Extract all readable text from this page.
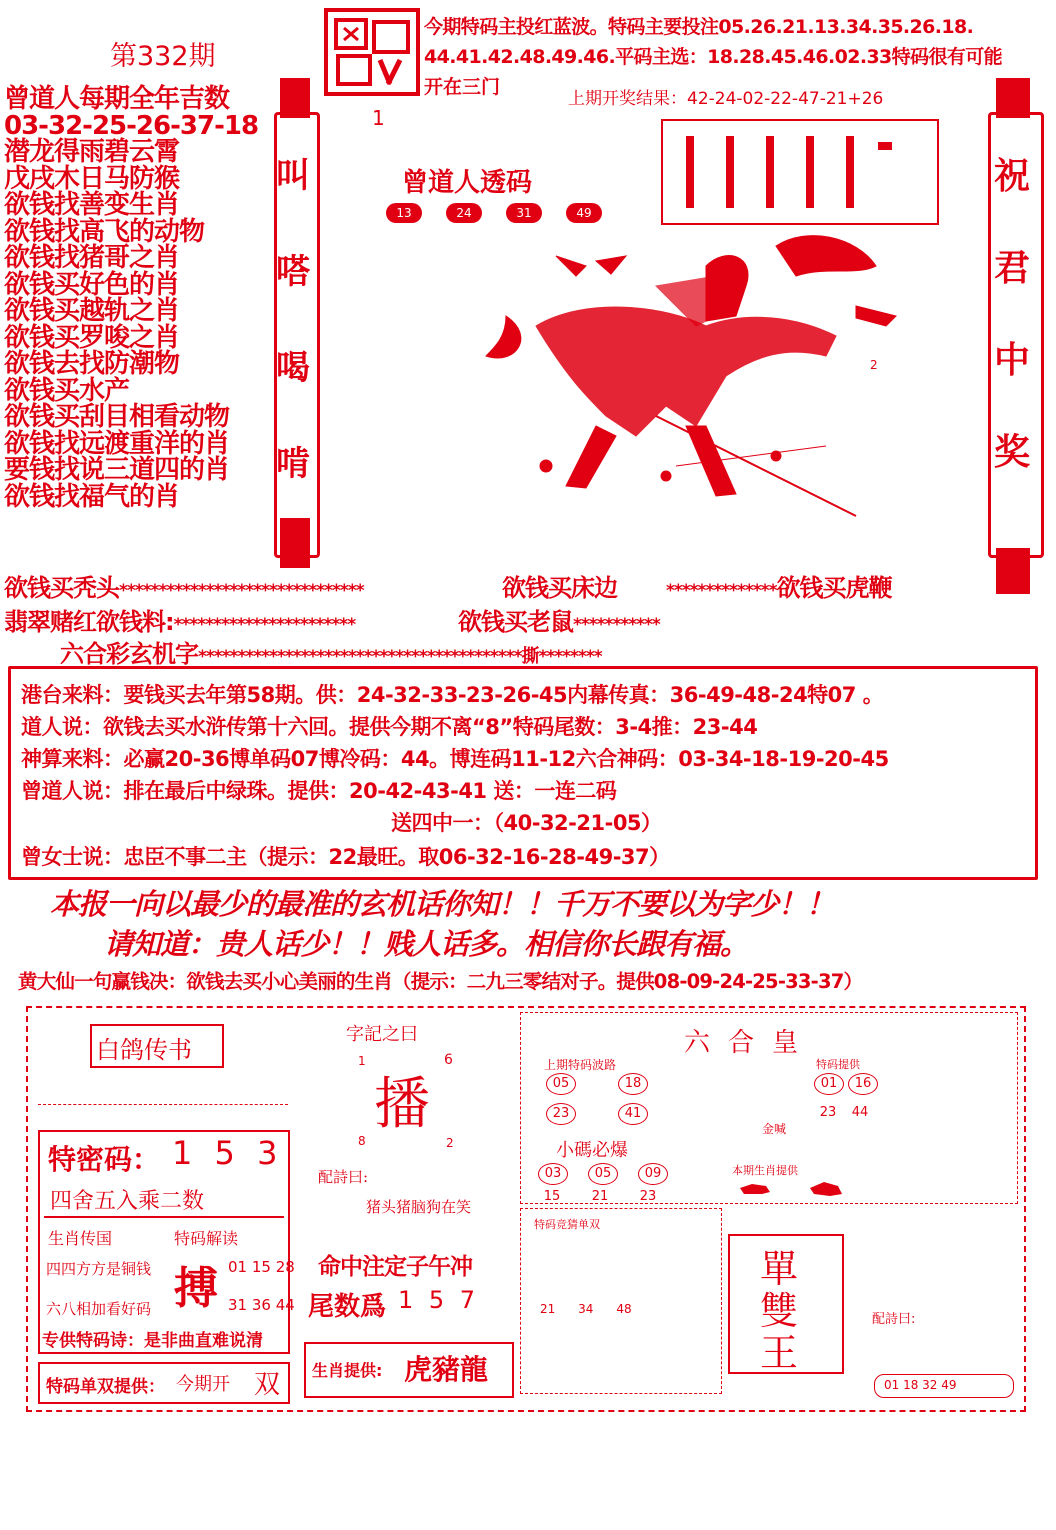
第332期
今期特码主投红蓝波。特码主要投注05.26.21.13.34.35.26.18.
44.41.42.48.49.46.平码主选：18.28.45.46.02.33特码很有可能
开在三门
上期开奖结果：42-24-02-22-47-21+26
曾道人每期全年吉数
03-32-25-26-37-18
潜龙得雨碧云霄
戊戌木日马防猴
欲钱找善变生肖
欲钱找高飞的动物
欲钱找猪哥之肖
欲钱买好色的肖
欲钱买越轨之肖
欲钱买罗唆之肖
欲钱去找防潮物
欲钱买水产
欲钱买刮目相看动物
欲钱找远渡重洋的肖
要钱找说三道四的肖
欲钱找福气的肖
欲钱买秃头*******************************	欲钱买床边	**************欲钱买虎鞭
翡翠赌红欲钱料:***********************	欲钱买老鼠***********
六合彩玄机字*****************************************撕********
叫
嗒
喝
啃
祝
君
中
奖
曾道人透码
13	24	31	49
1
2
港台来料：要钱买去年第58期。供：24-32-33-23-26-45内幕传真：36-49-48-24特07 。
道人说：欲钱去买水浒传第十六回。提供今期不离“8”特码尾数：3-4推：23-44
神算来料：必赢20-36博单码07博冷码：44。博连码11-12六合神码：03-34-18-19-20-45
曾道人说：排在最后中绿珠。提供：20-42-43-41 送：一连二码
送四中一：（40-32-21-05）
曾女士说：忠臣不事二主（提示：22最旺。取06-32-16-28-49-37）
本报一向以最少的最准的玄机话你知！！千万不要以为字少！！
请知道：贵人话少！！贱人话多。相信你长跟有福。
黄大仙一句赢钱决：欲钱去买小心美丽的生肖（提示：二九三零结对子。提供08-09-24-25-33-37）
白鸽传书
特密码： 1 5 3
四舍五入乘二数
生肖传国	特码解读
四四方方是铜钱
六八相加看好码 搏 01 15 28
31 36 44
专供特码诗：是非曲直难说清
特码单双提供： 今期开 双
字記之曰
1	6
8	2
播
配詩曰:
猪头猪脑狗在笑
命中注定子午冲
尾数爲 1 5 7
生肖提供: 虎豬龍
六合皇
上期特码波路
05	18
23	41
特码提供
01 16
23 44
金喊
小碼必爆
03	05	09
15 21 23
本期生肖提供
特码竞猜单双
21 34 48
單
雙
王
配詩曰:
01 18 32 49
